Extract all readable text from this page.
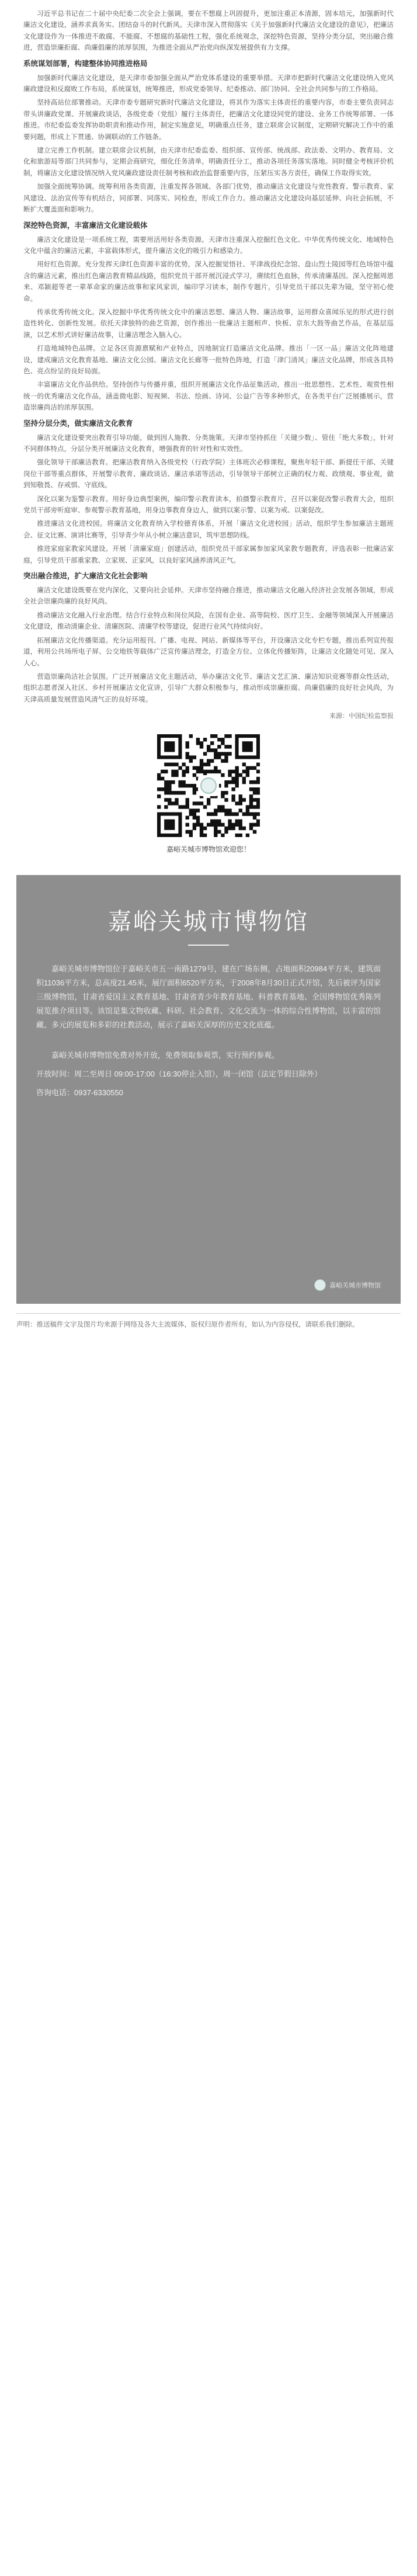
习近平总书记在二十届中央纪委二次全会上强调，要在不想腐上巩固提升，更加注重正本清源，固本培元，加强新时代廉洁文化建设，涵养求真务实、团结奋斗的时代新风。天津市深入贯彻落实《关于加强新时代廉洁文化建设的意见》，把廉洁文化建设作为一体推进不敢腐、不能腐、不想腐的基础性工程，强化系统观念，深挖特色资源，坚持分类分层，突出融合推进，营造崇廉拒腐、尚廉倡廉的浓厚氛围，为推进全面从严治党向纵深发展提供有力支撑。

系统谋划部署，构建整体协同推进格局

加强新时代廉洁文化建设，是天津市委加强全面从严治党体系建设的重要举措。天津市把新时代廉洁文化建设纳入党风廉政建设和反腐败工作布局，系统谋划，统筹推进，形成党委领导、纪委推动、部门协同、全社会共同参与的工作格局。

坚持高站位部署推动。天津市委专题研究新时代廉洁文化建设，将其作为落实主体责任的重要内容，市委主要负责同志带头讲廉政党课、开展廉政谈话，各级党委（党组）履行主体责任，把廉洁文化建设同党的建设、业务工作统筹部署、一体推进。市纪委监委发挥协助职责和推动作用，制定实施意见，明确重点任务，建立联席会议制度，定期研究解决工作中的重要问题，形成上下贯通、协调联动的工作链条。

建立完善工作机制。建立联席会议机制，由天津市纪委监委、组织部、宣传部、统战部、政法委、文明办、教育局、文化和旅游局等部门共同参与，定期会商研究，细化任务清单，明确责任分工，推动各项任务落实落地。同时健全考核评价机制，将廉洁文化建设情况纳入党风廉政建设责任制考核和政治监督重要内容，压紧压实各方责任，确保工作取得实效。

加强全面统筹协调。统筹利用各类资源，注重发挥各领域、各部门优势，推动廉洁文化建设与党性教育、警示教育、家风建设、法治宣传等有机结合，同部署、同落实、同检查，形成工作合力。推动廉洁文化建设向基层延伸、向社会拓展，不断扩大覆盖面和影响力。

深挖特色资源，丰富廉洁文化建设载体

廉洁文化建设是一项系统工程，需要用活用好各类资源。天津市注重深入挖掘红色文化、中华优秀传统文化、地域特色文化中蕴含的廉洁元素，丰富载体形式，提升廉洁文化的吸引力和感染力。

用好红色资源。充分发挥天津红色资源丰富的优势，深入挖掘觉悟社、平津战役纪念馆、盘山烈士陵园等红色场馆中蕴含的廉洁元素，推出红色廉洁教育精品线路，组织党员干部开展沉浸式学习，赓续红色血脉，传承清廉基因。深入挖掘周恩来、邓颖超等老一辈革命家的廉洁故事和家风家训，编印学习读本，制作专题片，引导党员干部以先辈为镜，坚守初心使命。

传承优秀传统文化。深入挖掘中华优秀传统文化中的廉洁思想、廉洁人物、廉洁故事，运用群众喜闻乐见的形式进行创造性转化、创新性发展。依托天津独特的曲艺资源，创作推出一批廉洁主题相声、快板、京东大鼓等曲艺作品，在基层巡演，以艺术形式讲好廉洁故事，让廉洁理念入脑入心。

打造地域特色品牌。立足各区资源禀赋和产业特点，因地制宜打造廉洁文化品牌。推出「一区一品」廉洁文化阵地建设，建成廉洁文化教育基地、廉洁文化公园、廉洁文化长廊等一批特色阵地，打造「津门清风」廉洁文化品牌，形成各具特色、亮点纷呈的良好局面。

丰富廉洁文化作品供给。坚持创作与传播并重，组织开展廉洁文化作品征集活动，推出一批思想性、艺术性、观赏性相统一的优秀廉洁文化作品，涵盖微电影、短视频、书法、绘画、诗词、公益广告等多种形式，在各类平台广泛展播展示，营造崇廉尚洁的浓厚氛围。

坚持分层分类，做实廉洁文化教育

廉洁文化建设要突出教育引导功能，做到因人施教、分类施策。天津市坚持抓住「关键少数」、管住「绝大多数」，针对不同群体特点，分层分类开展廉洁文化教育，增强教育的针对性和实效性。

强化领导干部廉洁教育。把廉洁教育纳入各级党校（行政学院）主体班次必修课程，聚焦年轻干部、新提任干部、关键岗位干部等重点群体，开展警示教育、廉政谈话、廉洁承诺等活动，引导领导干部树立正确的权力观、政绩观、事业观，做到知敬畏、存戒惧、守底线。

深化以案为鉴警示教育。用好身边典型案例，编印警示教育读本，拍摄警示教育片，召开以案促改警示教育大会，组织党员干部旁听庭审、参观警示教育基地，用身边事教育身边人，做到以案示警、以案为戒、以案促改。

推进廉洁文化进校园。将廉洁文化教育纳入学校德育体系，开展「廉洁文化进校园」活动，组织学生参加廉洁主题班会、征文比赛、演讲比赛等，引导青少年从小树立廉洁意识，筑牢思想防线。

推进家庭家教家风建设。开展「清廉家庭」创建活动，组织党员干部家属参加家风家教专题教育，评选表彰一批廉洁家庭，引导党员干部重家教、立家规、正家风，以良好家风涵养清风正气。

突出融合推进，扩大廉洁文化社会影响

廉洁文化建设既要在党内深化，又要向社会延伸。天津市坚持融合推进，推动廉洁文化融入经济社会发展各领域，形成全社会崇廉尚廉的良好风尚。

推动廉洁文化融入行业治理。结合行业特点和岗位风险，在国有企业、高等院校、医疗卫生、金融等领域深入开展廉洁文化建设，推动清廉企业、清廉医院、清廉学校等建设，促进行业风气持续向好。

拓展廉洁文化传播渠道。充分运用报刊、广播、电视、网站、新媒体等平台，开设廉洁文化专栏专题，推出系列宣传报道，利用公共场所电子屏、公交地铁等载体广泛宣传廉洁理念，打造全方位、立体化传播矩阵，让廉洁文化随处可见、深入人心。

营造崇廉尚洁社会氛围。广泛开展廉洁文化主题活动，举办廉洁文化节、廉洁文艺汇演、廉洁知识竞赛等群众性活动，组织志愿者深入社区、乡村开展廉洁文化宣讲，引导广大群众积极参与，推动形成崇廉拒腐、尚廉倡廉的良好社会风尚，为天津高质量发展营造风清气正的良好环境。

来源：中国纪检监察报
嘉峪关城市博物馆欢迎您！
嘉峪关城市博物馆

嘉峪关城市博物馆位于嘉峪关市五一南路1279号，建在广场东侧，占地面积20984平方米，建筑面积11036平方米，总高度21.45米，展厅面积6520平方米，于2008年8月30日正式开馆，先后被评为国家三级博物馆，甘肃省爱国主义教育基地、甘肃省青少年教育基地、科普教育基地、全国博物馆优秀陈列展览推介项目等。该馆是集文物收藏、科研、社会教育、文化交流为一体的综合性博物馆，以丰富的馆藏、多元的展览和多彩的社教活动，展示了嘉峪关深厚的历史文化底蕴。

嘉峪关城市博物馆免费对外开放，免费领取参观票，实行预约参观。

开放时间：周二至周日 09:00-17:00（16:30停止入馆），周一闭馆（法定节假日除外）

咨询电话：0937-6330550

嘉峪关城市博物馆
声明：推送稿件文字及图片均来源于网络及各大主流媒体，版权归原作者所有，如认为内容侵权，请联系我们删除。
